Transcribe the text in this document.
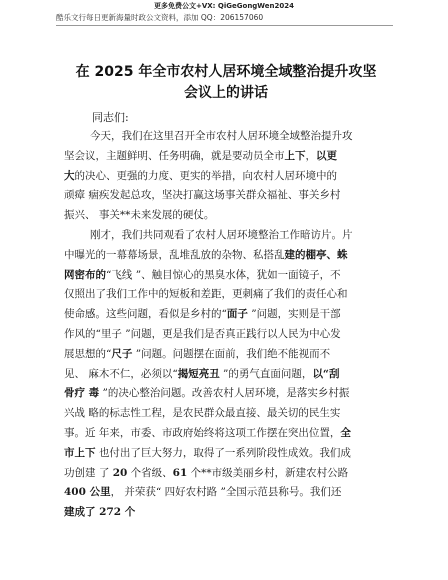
更多免费公文+VX: QiGeGongWen2024
酷乐文行每日更新海量时政公文资料，添加 QQ：206157060
在 2025 年全市农村人居环境全域整治提升攻坚
会议上的讲话
同志们:
今天，我们在这里召开全市农村人居环境全域整治提升攻
坚会议，主题鲜明、任务明确，就是要动员全市上下，以更
大的决心、更强的力度、更实的举措，向农村人居环境中的
顽瘴 痼疾发起总攻，坚决打赢这场事关群众福祉、事关乡村
振兴、 事关**未来发展的硬仗。
刚才，我们共同观看了农村人居环境整治工作暗访片。片
中曝光的一幕幕场景，乱堆乱放的杂物、私搭乱建的棚亭、蛛
网密布的“飞线 ”、触目惊心的黑臭水体，犹如一面镜子，不
仅照出了我们工作中的短板和差距，更刺痛了我们的责任心和
使命感。这些问题，看似是乡村的“面子 ”问题，实则是干部
作风的“里子 ”问题，更是我们是否真正践行以人民为中心发
展思想的“尺子 ”问题。问题摆在面前，我们绝不能视而不
见、 麻木不仁，必须以“揭短亮丑 ”的勇气直面问题，以“刮
骨疗 毒 ”的决心整治问题。改善农村人居环境，是落实乡村振
兴战 略的标志性工程，是农民群众最直接、最关切的民生实
事。近 年来，市委、市政府始终将这项工作摆在突出位置，全
市上下 也付出了巨大努力，取得了一系列阶段性成效。我们成
功创建 了 20 个省级、61 个**市级美丽乡村，新建农村公路
400 公里， 并荣获“ 四好农村路 ”全国示范县称号。我们还
建成了 272 个
